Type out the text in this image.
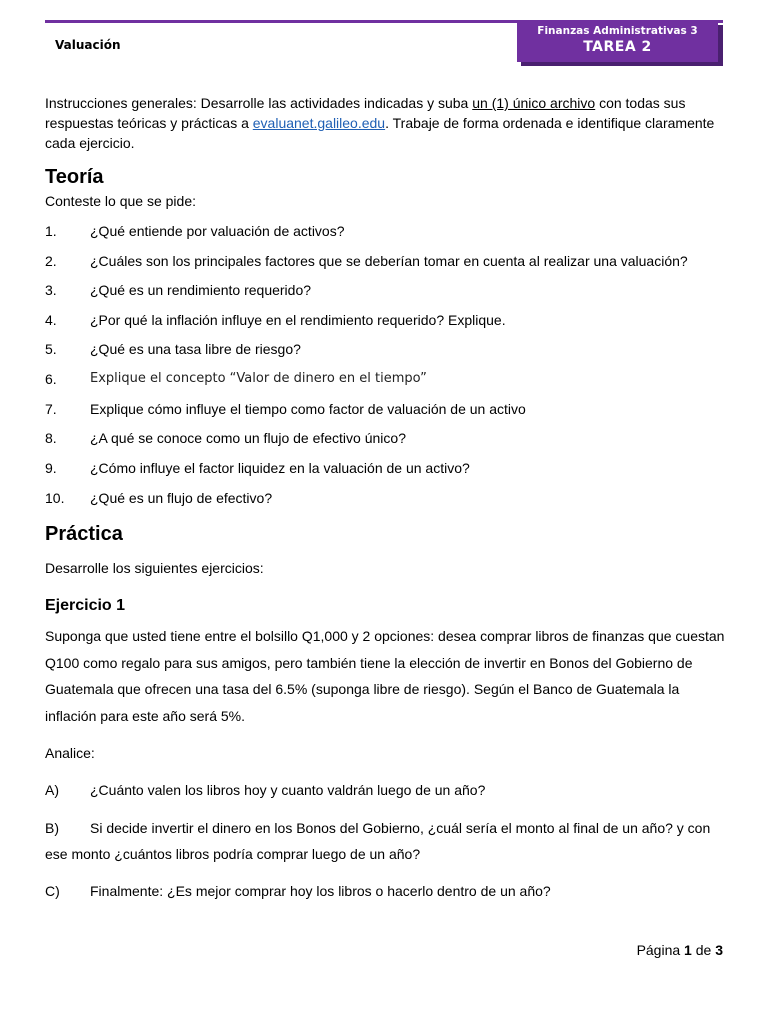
Valuación
Finanzas Administrativas 3
TAREA 2
Instrucciones generales: Desarrolle las actividades indicadas y suba un (1) único archivo con todas sus respuestas teóricas y prácticas a evaluanet.galileo.edu. Trabaje de forma ordenada e identifique claramente cada ejercicio.
Teoría
Conteste lo que se pide:
1. ¿Qué entiende por valuación de activos?
2. ¿Cuáles son los principales factores que se deberían tomar en cuenta al realizar una valuación?
3. ¿Qué es un rendimiento requerido?
4. ¿Por qué la inflación influye en el rendimiento requerido? Explique.
5. ¿Qué es una tasa libre de riesgo?
6.	Explique el concepto “Valor de dinero en el tiempo”
7. Explique cómo influye el tiempo como factor de valuación de un activo
8. ¿A qué se conoce como un flujo de efectivo único?
9. ¿Cómo influye el factor liquidez en la valuación de un activo?
10. ¿Qué es un flujo de efectivo?
Práctica
Desarrolle los siguientes ejercicios:
Ejercicio 1
Suponga que usted tiene entre el bolsillo Q1,000 y 2 opciones: desea comprar libros de finanzas que cuestan Q100 como regalo para sus amigos, pero también tiene la elección de invertir en Bonos del Gobierno de Guatemala que ofrecen una tasa del 6.5% (suponga libre de riesgo). Según el Banco de Guatemala la inflación para este año será 5%.
Analice:
A) ¿Cuánto valen los libros hoy y cuanto valdrán luego de un año?
B) Si decide invertir el dinero en los Bonos del Gobierno, ¿cuál sería el monto al final de un año? y con ese monto ¿cuántos libros podría comprar luego de un año?
C) Finalmente: ¿Es mejor comprar hoy los libros o hacerlo dentro de un año?
Página 1 de 3
